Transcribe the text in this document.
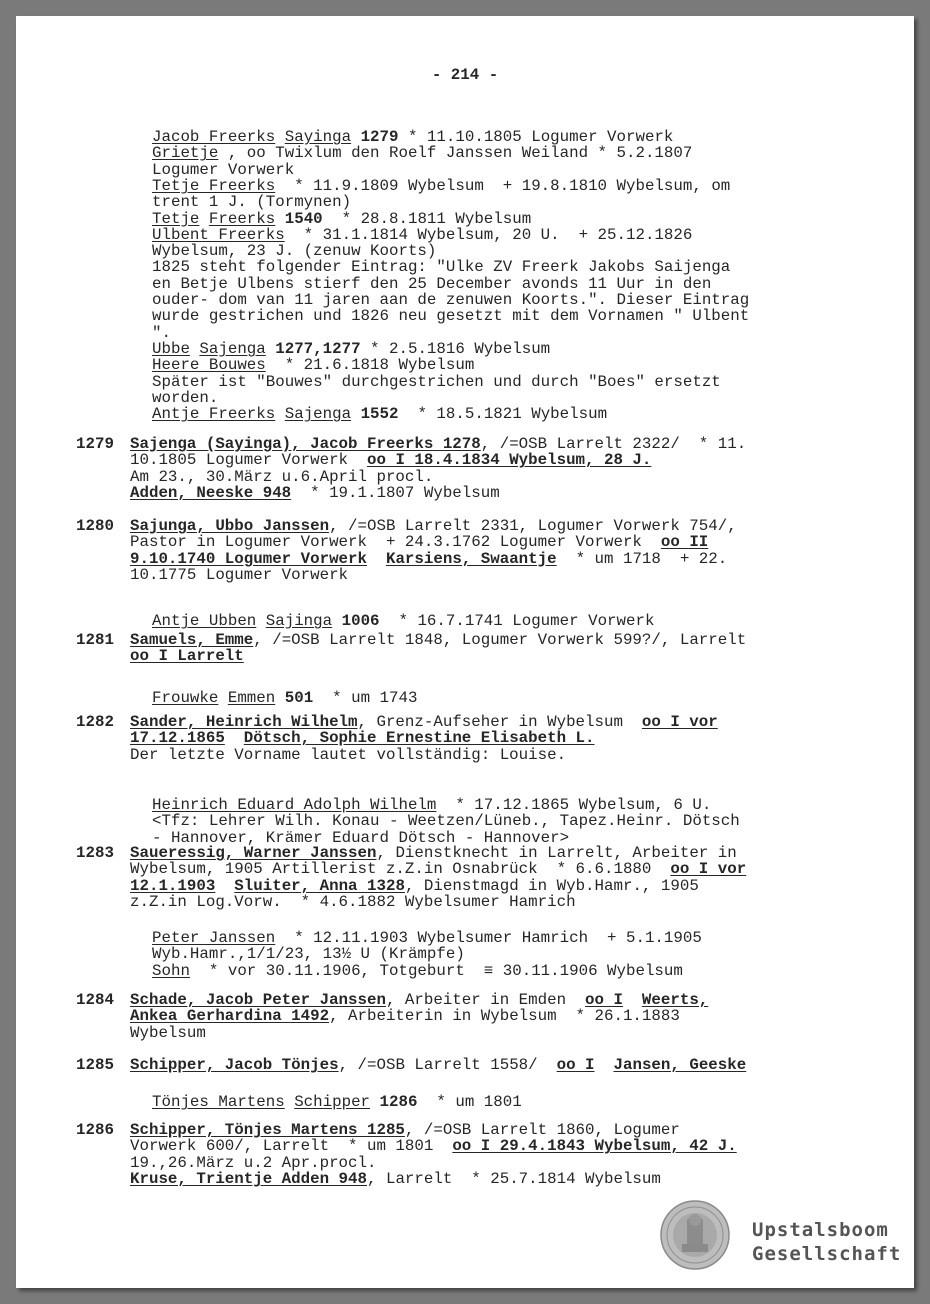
- 214 -
Jacob Freerks Sayinga 1279 * 11.10.1805 Logumer Vorwerk
Grietje , oo Twixlum den Roelf Janssen Weiland * 5.2.1807
Logumer Vorwerk
Tetje Freerks  * 11.9.1809 Wybelsum  + 19.8.1810 Wybelsum, om
trent 1 J. (Tormynen)
Tetje Freerks 1540  * 28.8.1811 Wybelsum
Ulbent Freerks  * 31.1.1814 Wybelsum, 20 U.  + 25.12.1826
Wybelsum, 23 J. (zenuw Koorts)
1825 steht folgender Eintrag: "Ulke ZV Freerk Jakobs Saijenga
en Betje Ulbens stierf den 25 December avonds 11 Uur in den
ouder- dom van 11 jaren aan de zenuwen Koorts.". Dieser Eintrag
wurde gestrichen und 1826 neu gesetzt mit dem Vornamen " Ulbent
".
Ubbe Sajenga 1277,1277 * 2.5.1816 Wybelsum
Heere Bouwes  * 21.6.1818 Wybelsum
Später ist "Bouwes" durchgestrichen und durch "Boes" ersetzt
worden.
Antje Freerks Sajenga 1552  * 18.5.1821 Wybelsum
1279 Sajenga (Sayinga), Jacob Freerks 1278, /=OSB Larrelt 2322/  * 11.
10.1805 Logumer Vorwerk  oo I 18.4.1834 Wybelsum, 28 J.
Am 23., 30.März u.6.April procl.
Adden, Neeske 948  * 19.1.1807 Wybelsum
1280 Sajunga, Ubbo Janssen, /=OSB Larrelt 2331, Logumer Vorwerk 754/,
Pastor in Logumer Vorwerk  + 24.3.1762 Logumer Vorwerk  oo II
9.10.1740 Logumer Vorwerk Karsiens, Swaantje  * um 1718  + 22.
10.1775 Logumer Vorwerk
Antje Ubben Sajinga 1006  * 16.7.1741 Logumer Vorwerk
1281 Samuels, Emme, /=OSB Larrelt 1848, Logumer Vorwerk 599?/, Larrelt
oo I Larrelt
Frouwke Emmen 501  * um 1743
1282 Sander, Heinrich Wilhelm, Grenz-Aufseher in Wybelsum  oo I vor
17.12.1865 Dötsch, Sophie Ernestine Elisabeth L.
Der letzte Vorname lautet vollständig: Louise.
Heinrich Eduard Adolph Wilhelm  * 17.12.1865 Wybelsum, 6 U.
<Tfz: Lehrer Wilh. Konau - Weetzen/Lüneb., Tapez.Heinr. Dötsch
- Hannover, Krämer Eduard Dötsch - Hannover>
1283 Saueressig, Warner Janssen, Dienstknecht in Larrelt, Arbeiter in
Wybelsum, 1905 Artillerist z.Z.in Osnabrück  * 6.6.1880  oo I vor
12.1.1903 Sluiter, Anna 1328, Dienstmagd in Wyb.Hamr., 1905
z.Z.in Log.Vorw.  * 4.6.1882 Wybelsumer Hamrich
Peter Janssen  * 12.11.1903 Wybelsumer Hamrich  + 5.1.1905
Wyb.Hamr.,1/1/23, 13½ U (Krämpfe)
Sohn  * vor 30.11.1906, Totgeburt  ≡ 30.11.1906 Wybelsum
1284 Schade, Jacob Peter Janssen, Arbeiter in Emden  oo I Weerts,
Ankea Gerhardina 1492, Arbeiterin in Wybelsum  * 26.1.1883
Wybelsum
1285 Schipper, Jacob Tönjes, /=OSB Larrelt 1558/  oo I Jansen, Geeske
Tönjes Martens Schipper 1286  * um 1801
1286 Schipper, Tönjes Martens 1285, /=OSB Larrelt 1860, Logumer
Vorwerk 600/, Larrelt  * um 1801  oo I 29.4.1843 Wybelsum, 42 J.
19.,26.März u.2 Apr.procl.
Kruse, Trientje Adden 948, Larrelt  * 25.7.1814 Wybelsum
Upstalsboom
Gesellschaft
